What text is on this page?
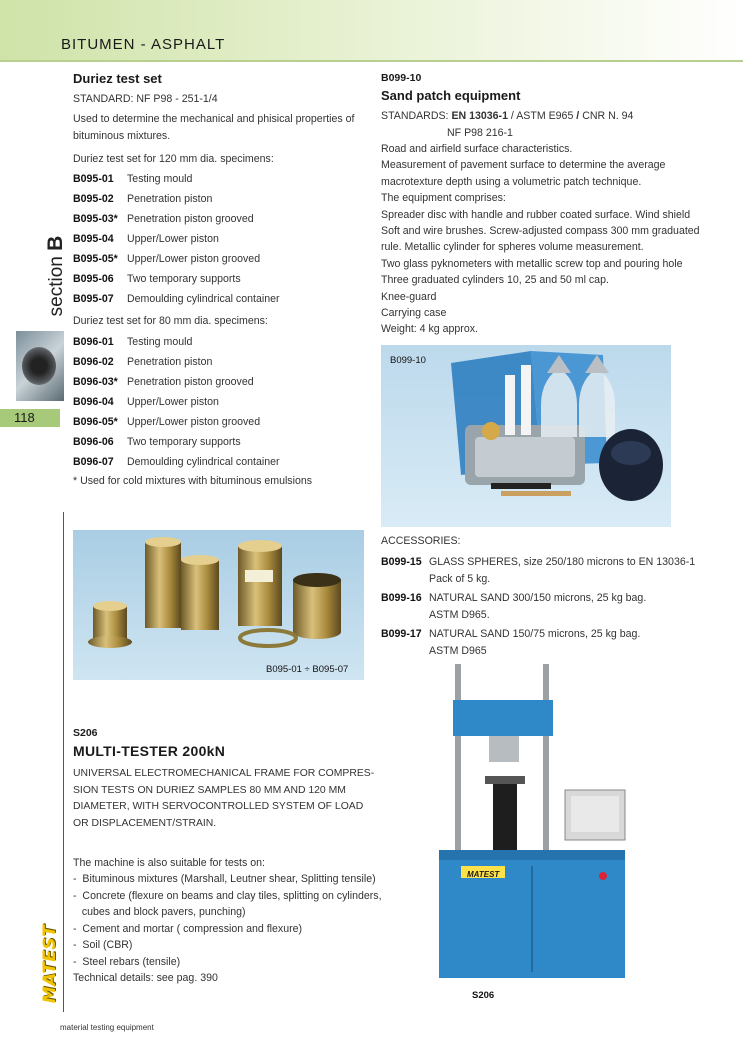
BITUMEN - ASPHALT
section B
118
MATEST
material testing equipment
Duriez test set
STANDARD: NF P98 - 251-1/4
Used to determine the mechanical and phisical properties of
bituminous mixtures.
Duriez test set for 120 mm dia. specimens:
B095-01 Testing mould
B095-02 Penetration piston
B095-03* Penetration piston grooved
B095-04 Upper/Lower piston
B095-05* Upper/Lower piston grooved
B095-06 Two temporary supports
B095-07 Demoulding cylindrical container
Duriez test set for 80 mm dia. specimens:
B096-01 Testing mould
B096-02 Penetration piston
B096-03* Penetration piston grooved
B096-04 Upper/Lower piston
B096-05* Upper/Lower piston grooved
B096-06 Two temporary supports
B096-07 Demoulding cylindrical container
* Used for cold mixtures with bituminous emulsions
B095-01 ÷ B095-07
B099-10
Sand patch equipment
STANDARDS: EN 13036-1 / ASTM E965 / CNR N. 94
NF P98 216-1
Road and airfield surface characteristics.
Measurement of pavement surface to determine the average
macrotexture depth using a volumetric patch technique.
The equipment comprises:
Spreader disc with handle and rubber coated surface. Wind shield
Soft and wire brushes. Screw-adjusted compass 300 mm graduated
rule. Metallic cylinder for spheres volume measurement.
Two glass pyknometers with metallic screw top and pouring hole
Three graduated cylinders 10, 25 and 50 ml cap.
Knee-guard
Carrying case
Weight: 4 kg approx.
B099-10
ACCESSORIES:
B099-15 GLASS SPHERES, size 250/180 microns to EN 13036-1
Pack of 5 kg.
B099-16 NATURAL SAND 300/150 microns, 25 kg bag.
ASTM D965.
B099-17 NATURAL SAND 150/75 microns, 25 kg bag.
ASTM D965
S206
MULTI-TESTER 200kN
UNIVERSAL ELECTROMECHANICAL FRAME FOR COMPRES-
SION TESTS ON DURIEZ SAMPLES 80 MM AND 120 MM
DIAMETER, WITH SERVOCONTROLLED SYSTEM OF LOAD
OR DISPLACEMENT/STRAIN.
The machine is also suitable for tests on:
-  Bituminous mixtures (Marshall, Leutner shear, Splitting tensile)
-  Concrete (flexure on beams and clay tiles, splitting on cylinders,
cubes and block pavers, punching)
-  Cement and mortar ( compression and flexure)
-  Soil (CBR)
-  Steel rebars (tensile)
Technical details: see pag. 390
MATEST
S206
